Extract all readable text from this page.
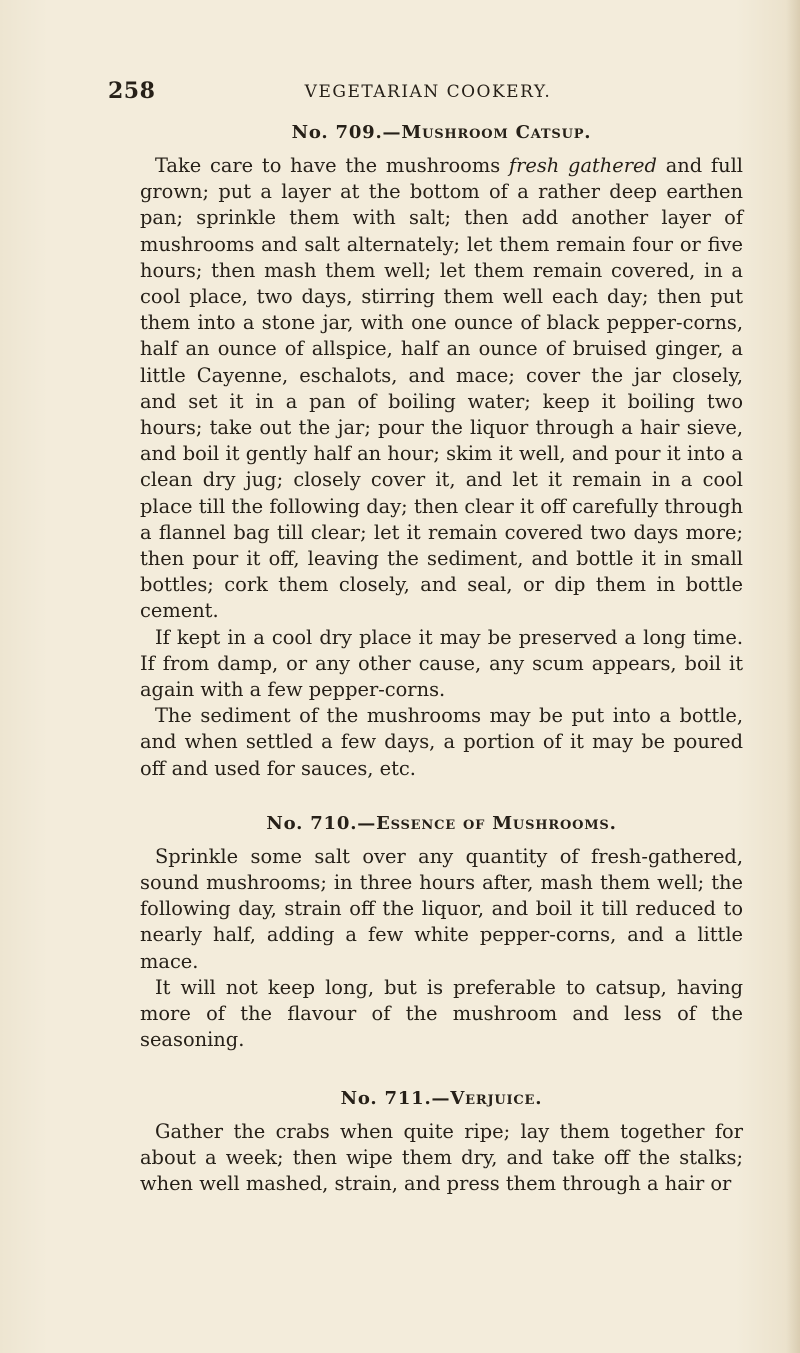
258	VEGETARIAN COOKERY.
No. 709.—Mushroom Catsup.

Take care to have the mushrooms fresh gathered and full grown; put a layer at the bottom of a rather deep earthen pan; sprinkle them with salt; then add another layer of mushrooms and salt alternately; let them remain four or five hours; then mash them well; let them remain covered, in a cool place, two days, stirring them well each day; then put them into a stone jar, with one ounce of black pepper-corns, half an ounce of allspice, half an ounce of bruised ginger, a little Cayenne, eschalots, and mace; cover the jar closely, and set it in a pan of boiling water; keep it boiling two hours; take out the jar; pour the liquor through a hair sieve, and boil it gently half an hour; skim it well, and pour it into a clean dry jug; closely cover it, and let it remain in a cool place till the following day; then clear it off carefully through a flannel bag till clear; let it remain covered two days more; then pour it off, leaving the sediment, and bottle it in small bottles; cork them closely, and seal, or dip them in bottle cement.

If kept in a cool dry place it may be preserved a long time. If from damp, or any other cause, any scum appears, boil it again with a few pepper-corns.

The sediment of the mushrooms may be put into a bottle, and when settled a few days, a portion of it may be poured off and used for sauces, etc.

No. 710.—Essence of Mushrooms.

Sprinkle some salt over any quantity of fresh-gathered, sound mushrooms; in three hours after, mash them well; the following day, strain off the liquor, and boil it till reduced to nearly half, adding a few white pepper-corns, and a little mace.

It will not keep long, but is preferable to catsup, having more of the flavour of the mushroom and less of the seasoning.

No. 711.—Verjuice.

Gather the crabs when quite ripe; lay them together for about a week; then wipe them dry, and take off the stalks; when well mashed, strain, and press them through a hair or
